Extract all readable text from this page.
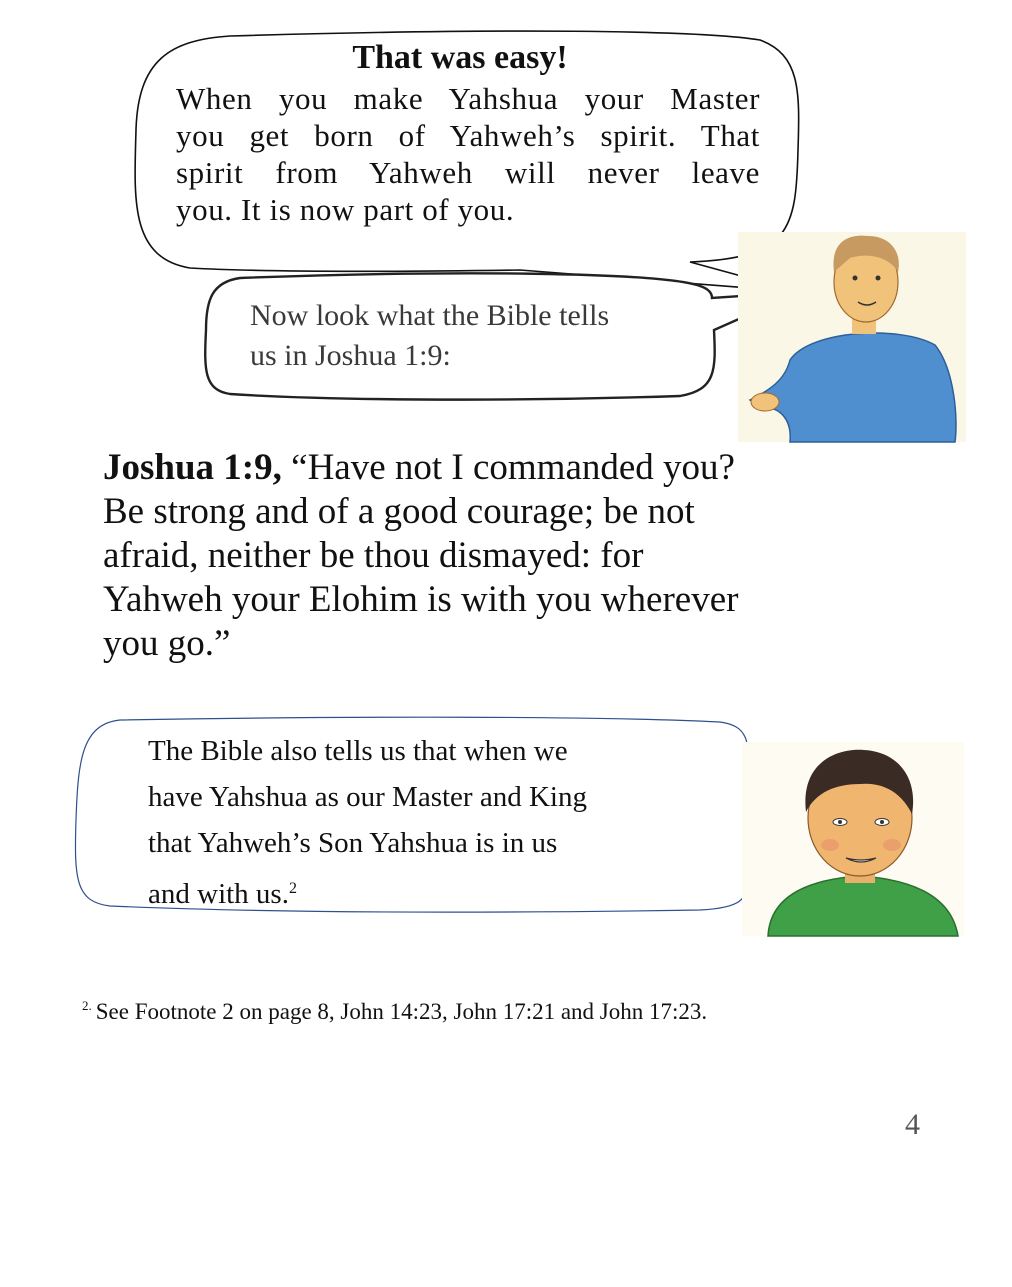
That was easy!
When you make Yahshua your Master
you get born of Yahweh’s spirit. That
spirit from Yahweh will never leave
you. It is now part of you.
Now look what the Bible tells
us in Joshua 1:9:
Joshua 1:9, “Have not I commanded you? Be strong and of a good courage; be not afraid, neither be thou dismayed: for Yahweh your Elohim is with you wherever you go.”
The Bible also tells us that when we
have Yahshua as our Master and King
that Yahweh’s Son Yahshua is in us
and with us.$^2$
$^{2.}$ See Footnote 2 on page 8, John 14:23, John 17:21 and John 17:23.
4
